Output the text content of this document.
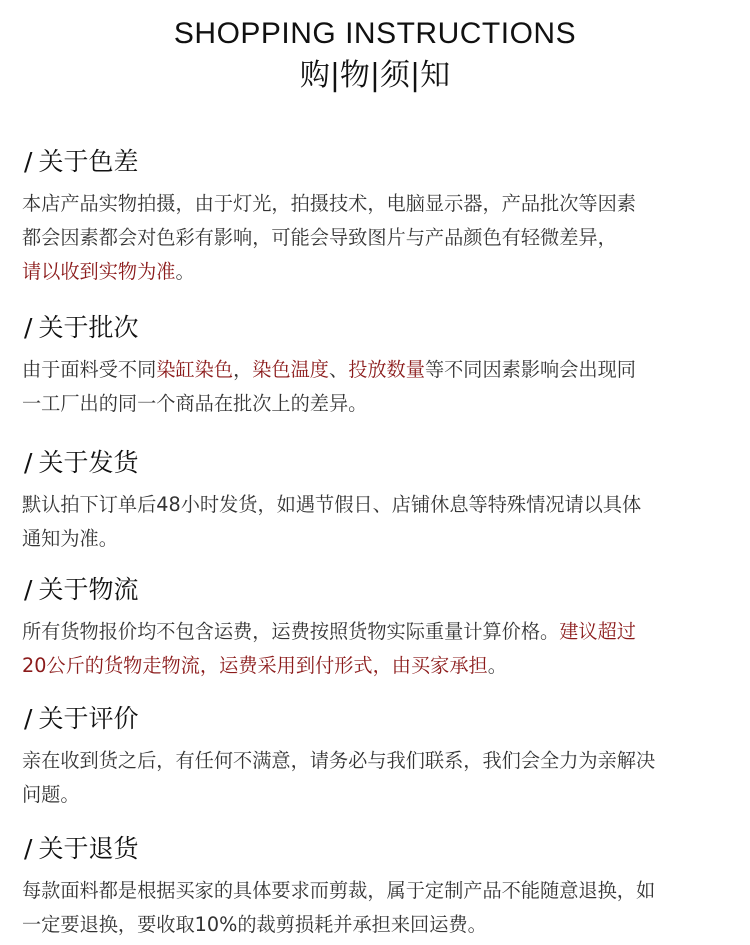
SHOPPING INSTRUCTIONS
购|物|须|知
/ 关于色差
本店产品实物拍摄，由于灯光，拍摄技术，电脑显示器，产品批次等因素
都会因素都会对色彩有影响，可能会导致图片与产品颜色有轻微差异，
请以收到实物为准。
/ 关于批次
由于面料受不同染缸染色，染色温度、投放数量等不同因素影响会出现同
一工厂出的同一个商品在批次上的差异。
/ 关于发货
默认拍下订单后48小时发货，如遇节假日、店铺休息等特殊情况请以具体
通知为准。
/ 关于物流
所有货物报价均不包含运费，运费按照货物实际重量计算价格。建议超过
20公斤的货物走物流，运费采用到付形式，由买家承担。
/ 关于评价
亲在收到货之后，有任何不满意，请务必与我们联系，我们会全力为亲解决
问题。
/ 关于退货
每款面料都是根据买家的具体要求而剪裁，属于定制产品不能随意退换，如
一定要退换，要收取10%的裁剪损耗并承担来回运费。
